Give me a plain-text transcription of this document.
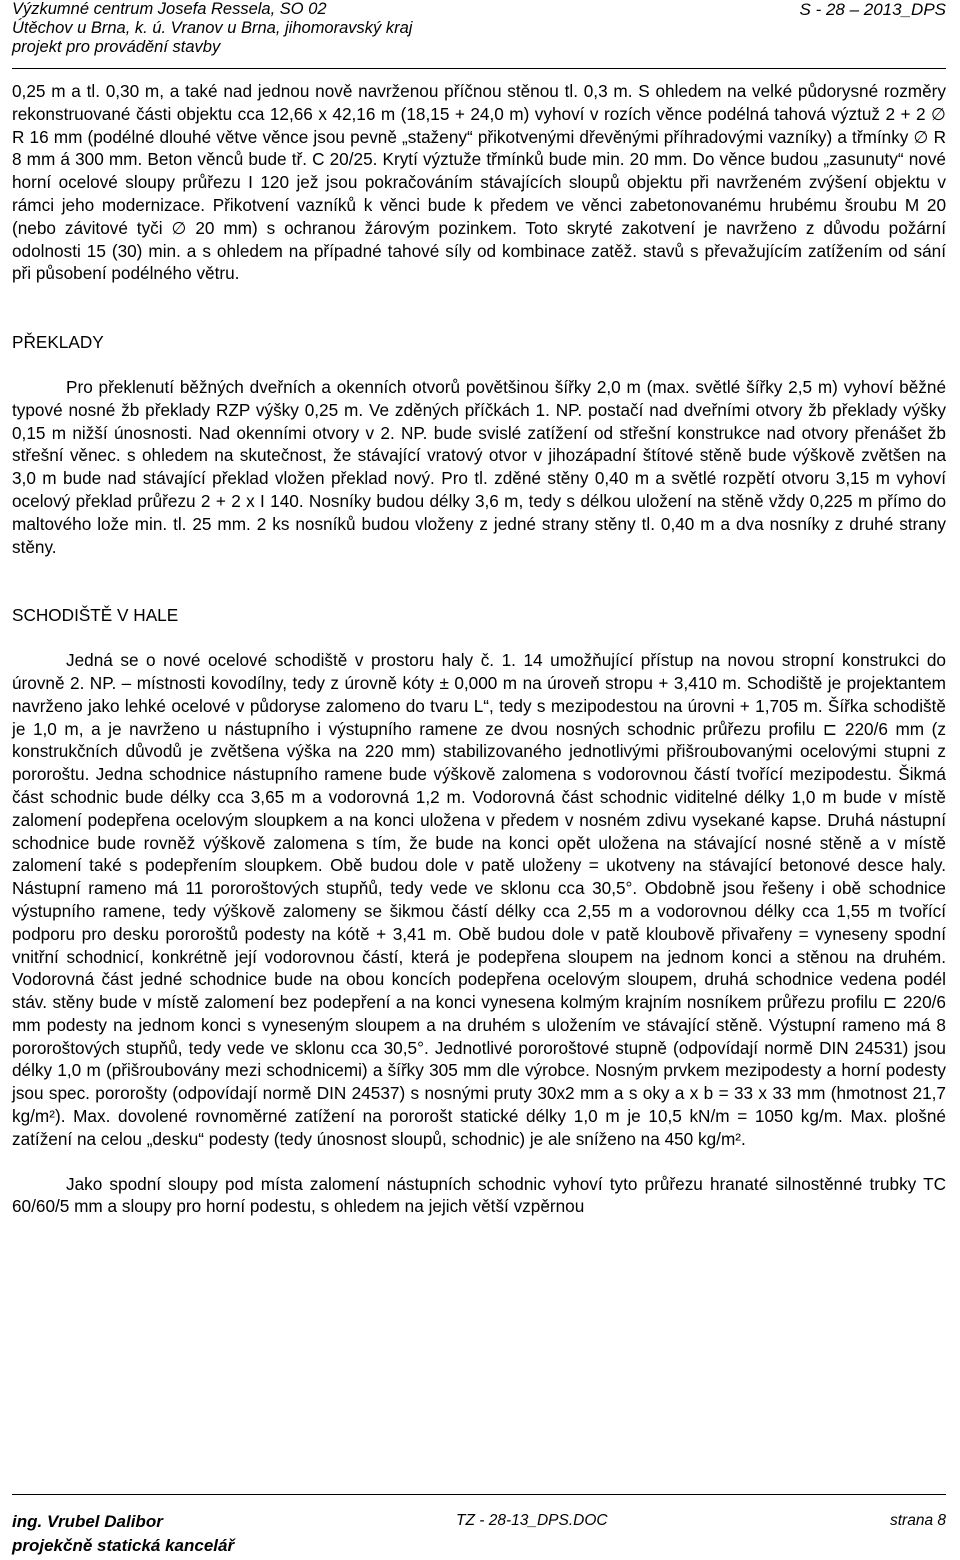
Výzkumné centrum Josefa Ressela, SO 02
Útěchov u Brna, k. ú. Vranov u Brna, jihomoravský kraj
projekt pro provádění stavby
S - 28 – 2013_DPS

0,25 m a tl. 0,30 m, a také nad jednou nově navrženou příčnou stěnou tl. 0,3 m. S ohledem na velké půdorysné rozměry rekonstruované části objektu cca 12,66 x 42,16 m (18,15 + 24,0 m) vyhoví v rozích věnce podélná tahová výztuž 2 + 2 ∅ R 16 mm (podélné dlouhé větve věnce jsou pevně „staženy“ přikotvenými dřevěnými příhradovými vazníky) a třmínky ∅ R 8 mm á 300 mm. Beton věnců bude tř. C 20/25. Krytí výztuže třmínků bude min. 20 mm. Do věnce budou „zasunuty“ nové horní ocelové sloupy průřezu I 120 jež jsou pokračováním stávajících sloupů objektu při navrženém zvýšení objektu v rámci jeho modernizace. Přikotvení vazníků k věnci bude k předem ve věnci zabetonovanému hrubému šroubu M 20 (nebo závitové tyči ∅ 20 mm) s ochranou žárovým pozinkem. Toto skryté zakotvení je navrženo z důvodu požární odolnosti 15 (30) min. a s ohledem na případné tahové síly od kombinace zatěž. stavů s převažujícím zatížením od sání při působení podélného větru.

PŘEKLADY

Pro překlenutí běžných dveřních a okenních otvorů povětšinou šířky 2,0 m (max. světlé šířky 2,5 m) vyhoví běžné typové nosné žb překlady RZP výšky 0,25 m. Ve zděných příčkách 1. NP. postačí nad dveřními otvory žb překlady výšky 0,15 m nižší únosnosti. Nad okenními otvory v 2. NP. bude svislé zatížení od střešní konstrukce nad otvory přenášet žb střešní věnec. s ohledem na skutečnost, že stávající vratový otvor v jihozápadní štítové stěně bude výškově zvětšen na 3,0 m bude nad stávající překlad vložen překlad nový. Pro tl. zděné stěny 0,40 m a světlé rozpětí otvoru 3,15 m vyhoví ocelový překlad průřezu 2 + 2 x I 140. Nosníky budou délky 3,6 m, tedy s délkou uložení na stěně vždy 0,225 m přímo do maltového lože min. tl. 25 mm. 2 ks nosníků budou vloženy z jedné strany stěny tl. 0,40 m a dva nosníky z druhé strany stěny.

SCHODIŠTĚ V HALE

Jedná se o nové ocelové schodiště v prostoru haly č. 1. 14 umožňující přístup na novou stropní konstrukci do úrovně 2. NP. – místnosti kovodílny, tedy z úrovně kóty ± 0,000 m na úroveň stropu + 3,410 m. Schodiště je projektantem navrženo jako lehké ocelové v půdoryse zalomeno do tvaru L“, tedy s mezipodestou na úrovni + 1,705 m. Šířka schodiště je 1,0 m, a je navrženo u nástupního i výstupního ramene ze dvou nosných schodnic průřezu profilu ⊏ 220/6 mm (z konstrukčních důvodů je zvětšena výška na 220 mm) stabilizovaného jednotlivými přišroubovanými ocelovými stupni z pororoštu. Jedna schodnice nástupního ramene bude výškově zalomena s vodorovnou částí tvořící mezipodestu. Šikmá část schodnic bude délky cca 3,65 m a vodorovná 1,2 m. Vodorovná část schodnic viditelné délky 1,0 m bude v místě zalomení podepřena ocelovým sloupkem a na konci uložena v předem v nosném zdivu vysekané kapse. Druhá nástupní schodnice bude rovněž výškově zalomena s tím, že bude na konci opět uložena na stávající nosné stěně a v místě zalomení také s podepřením sloupkem. Obě budou dole v patě uloženy = ukotveny na stávající betonové desce haly. Nástupní rameno má 11 pororoštových stupňů, tedy vede ve sklonu cca 30,5°. Obdobně jsou řešeny i obě schodnice výstupního ramene, tedy výškově zalomeny se šikmou částí délky cca 2,55 m a vodorovnou délky cca 1,55 m tvořící podporu pro desku pororoštů podesty na kótě + 3,41 m. Obě budou dole v patě kloubově přivařeny = vyneseny spodní vnitřní schodnicí, konkrétně její vodorovnou částí, která je podepřena sloupem na jednom konci a stěnou na druhém. Vodorovná část jedné schodnice bude na obou koncích podepřena ocelovým sloupem, druhá schodnice vedena podél stáv. stěny bude v místě zalomení bez podepření a na konci vynesena kolmým krajním nosníkem průřezu profilu ⊏ 220/6 mm podesty na jednom konci s vyneseným sloupem a na druhém s uložením ve stávající stěně. Výstupní rameno má 8 pororoštových stupňů, tedy vede ve sklonu cca 30,5°. Jednotlivé pororoštové stupně (odpovídají normě DIN 24531) jsou délky 1,0 m (přišroubovány mezi schodnicemi) a šířky 305 mm dle výrobce. Nosným prvkem mezipodesty a horní podesty jsou spec. pororošty (odpovídají normě DIN 24537) s nosnými pruty 30x2 mm a s oky a x b = 33 x 33 mm (hmotnost 21,7 kg/m²). Max. dovolené rovnoměrné zatížení na pororošt statické délky 1,0 m je 10,5 kN/m = 1050 kg/m. Max. plošné zatížení na celou „desku“ podesty (tedy únosnost sloupů, schodnic) je ale sníženo na 450 kg/m².

Jako spodní sloupy pod místa zalomení nástupních schodnic vyhoví tyto průřezu hranaté silnostěnné trubky TC 60/60/5 mm a sloupy pro horní podestu, s ohledem na jejich větší vzpěrnou

ing. Vrubel Dalibor
projekčně statická kancelář
TZ - 28-13_DPS.DOC	strana 8
